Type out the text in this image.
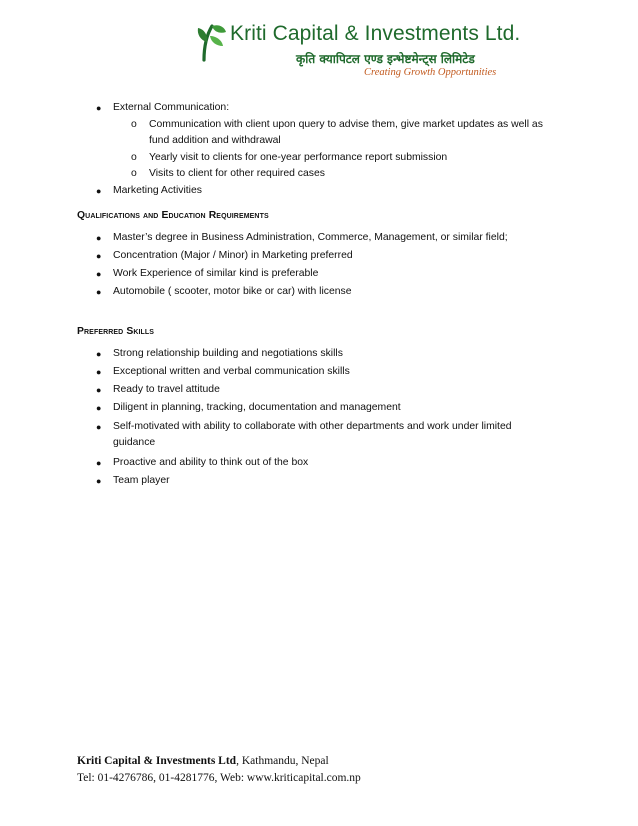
Kriti Capital & Investments Ltd.
कृति क्यापिटल एण्ड इन्भेष्टमेन्ट्स लिमिटेड
Creating Growth Opportunities
● External Communication:
o Communication with client upon query to advise them, give market updates as well as
fund addition and withdrawal
o Yearly visit to clients for one-year performance report submission
o Visits to client for other required cases
● Marketing Activities
Qualifications and Education Requirements
● Master’s degree in Business Administration, Commerce, Management, or similar field;
● Concentration (Major / Minor) in Marketing preferred
● Work Experience of similar kind is preferable
● Automobile ( scooter, motor bike or car) with license
Preferred Skills
● Strong relationship building and negotiations skills
● Exceptional written and verbal communication skills
● Ready to travel attitude
● Diligent in planning, tracking, documentation and management
● Self-motivated with ability to collaborate with other departments and work under limited
guidance
● Proactive and ability to think out of the box
● Team player
Kriti Capital & Investments Ltd, Kathmandu, Nepal
Tel: 01-4276786, 01-4281776, Web: www.kriticapital.com.np
